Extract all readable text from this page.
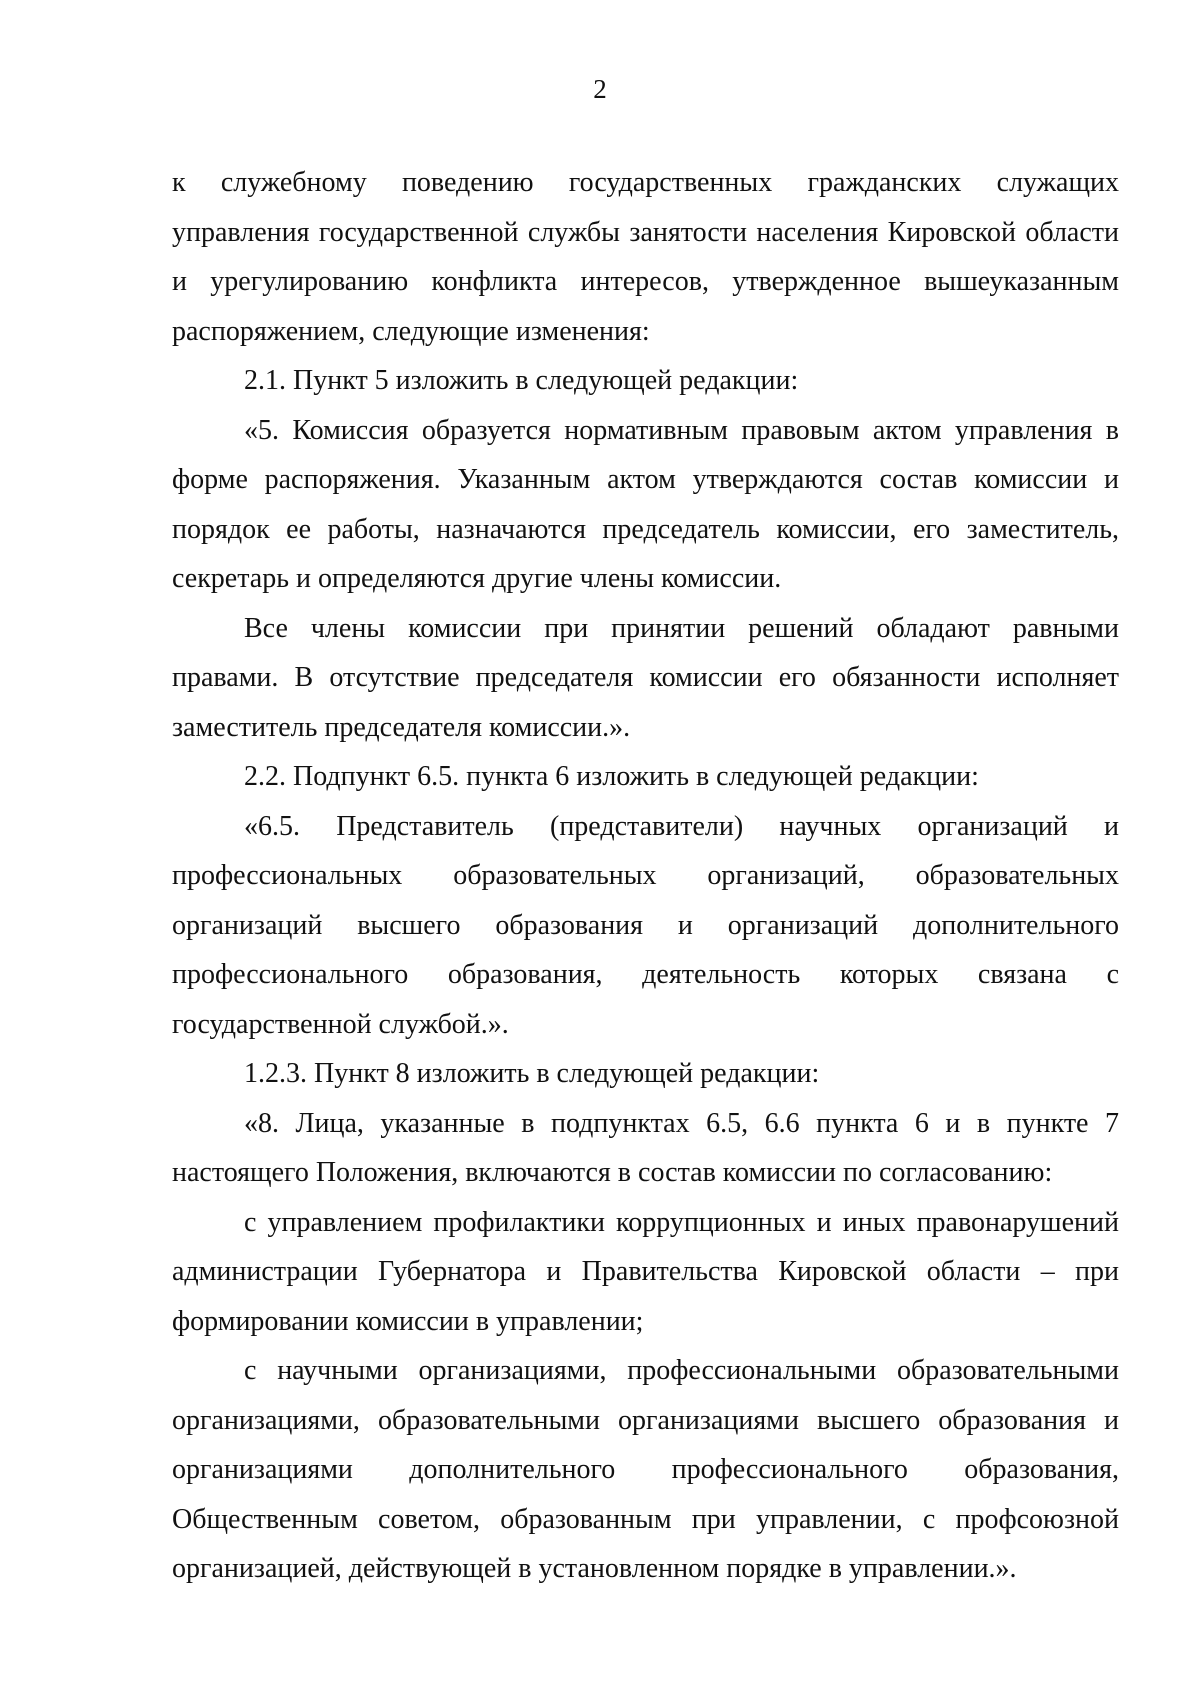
2

к служебному поведению государственных гражданских служащих управления государственной службы занятости населения Кировской области и урегулированию конфликта интересов, утвержденное вышеуказанным распоряжением, следующие изменения:

2.1. Пункт 5 изложить в следующей редакции:

«5. Комиссия образуется нормативным правовым актом управления в форме распоряжения. Указанным актом утверждаются состав комиссии и порядок ее работы, назначаются председатель комиссии, его заместитель, секретарь и определяются другие члены комиссии.

Все члены комиссии при принятии решений обладают равными правами. В отсутствие председателя комиссии его обязанности исполняет заместитель председателя комиссии.».

2.2. Подпункт 6.5. пункта 6 изложить в следующей редакции:

«6.5. Представитель (представители) научных организаций и профессиональных образовательных организаций, образовательных организаций высшего образования и организаций дополнительного профессионального образования, деятельность которых связана с государственной службой.».

1.2.3. Пункт 8 изложить в следующей редакции:

«8. Лица, указанные в подпунктах 6.5, 6.6 пункта 6 и в пункте 7 настоящего Положения, включаются в состав комиссии по согласованию:

с управлением профилактики коррупционных и иных правонарушений администрации Губернатора и Правительства Кировской области – при формировании комиссии в управлении;

с научными организациями, профессиональными образовательными организациями, образовательными организациями высшего образования и организациями дополнительного профессионального образования, Общественным советом, образованным при управлении, с профсоюзной организацией, действующей в установленном порядке в управлении.».
